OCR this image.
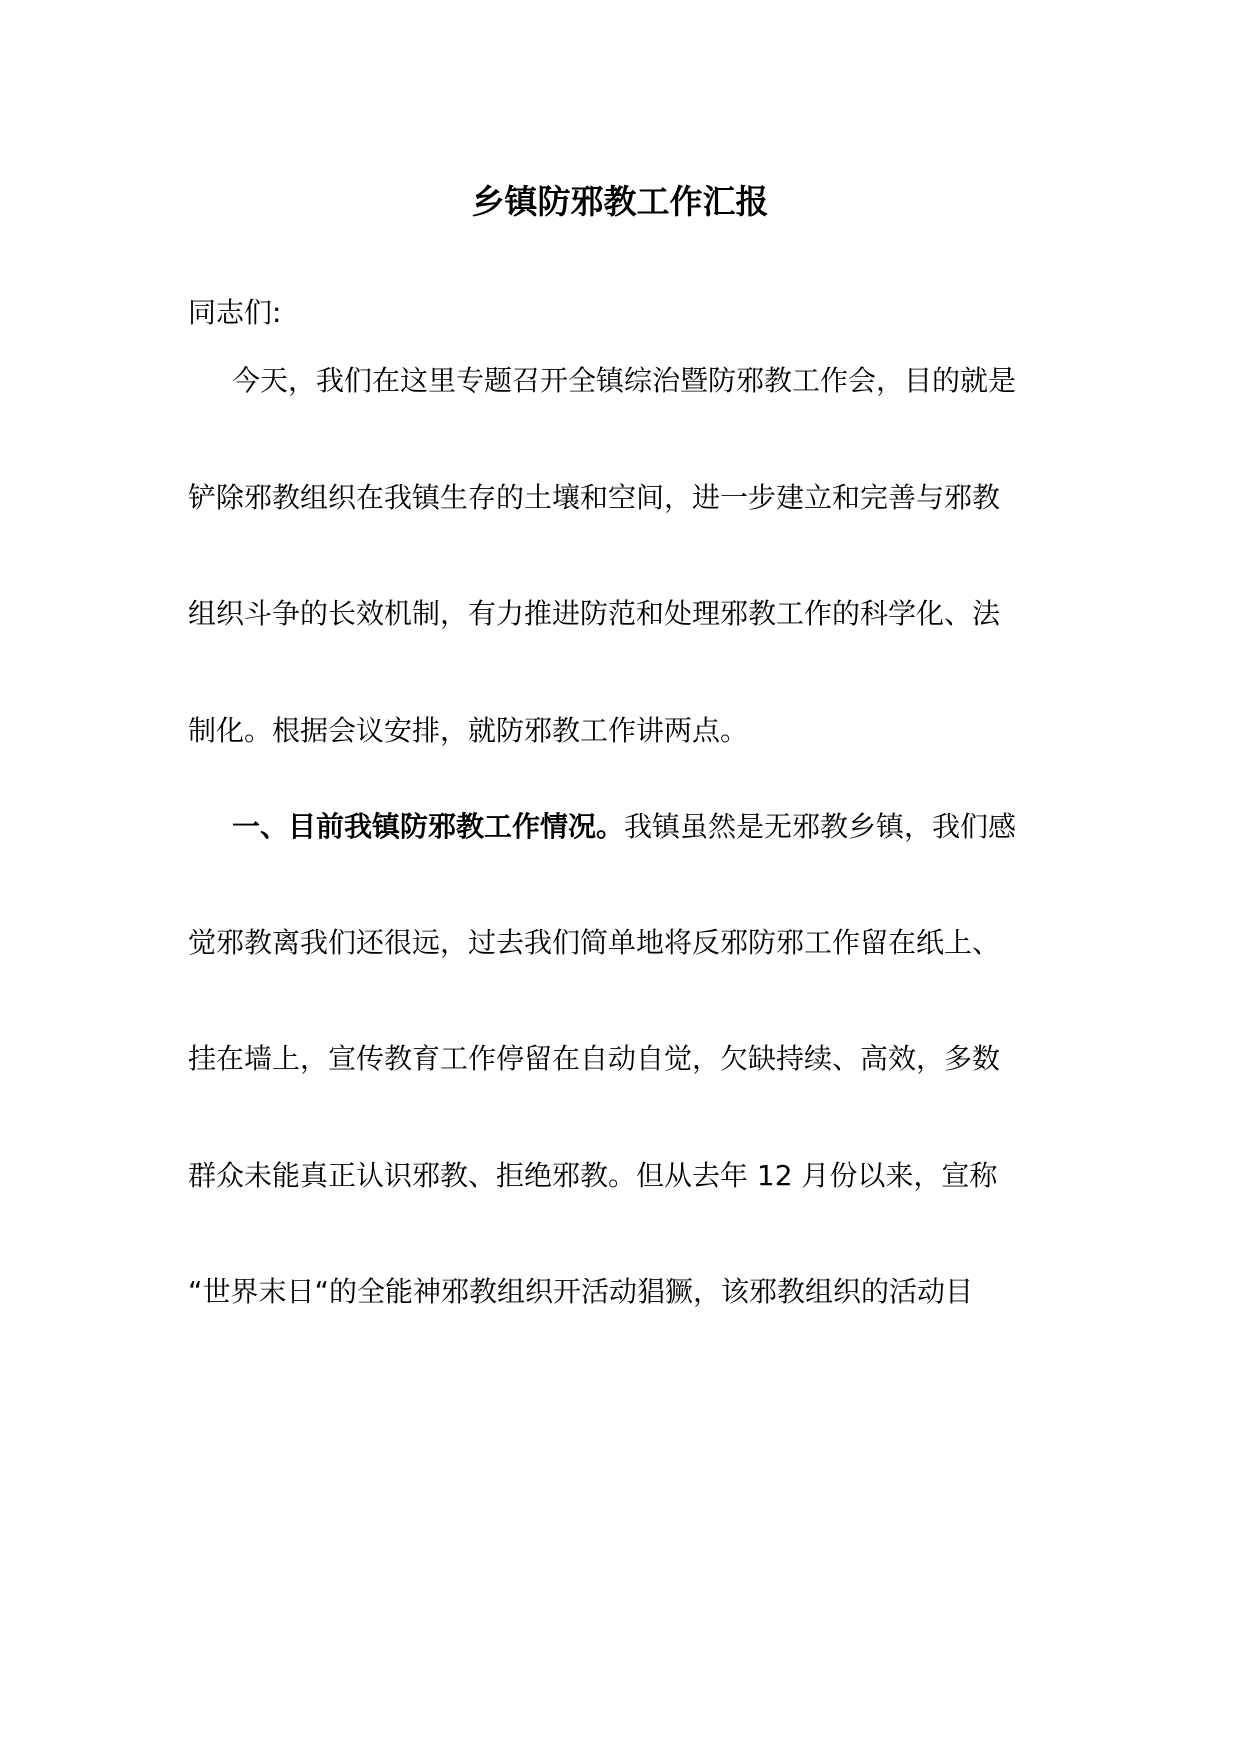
乡镇防邪教工作汇报

同志们:

今天，我们在这里专题召开全镇综治暨防邪教工作会，目的就是

铲除邪教组织在我镇生存的土壤和空间，进一步建立和完善与邪教

组织斗争的长效机制，有力推进防范和处理邪教工作的科学化、法

制化。根据会议安排，就防邪教工作讲两点。

一、目前我镇防邪教工作情况。我镇虽然是无邪教乡镇，我们感

觉邪教离我们还很远，过去我们简单地将反邪防邪工作留在纸上、

挂在墙上，宣传教育工作停留在自动自觉，欠缺持续、高效，多数

群众未能真正认识邪教、拒绝邪教。但从去年 12 月份以来，宣称

“世界末日“的全能神邪教组织开活动猖獗，该邪教组织的活动目
